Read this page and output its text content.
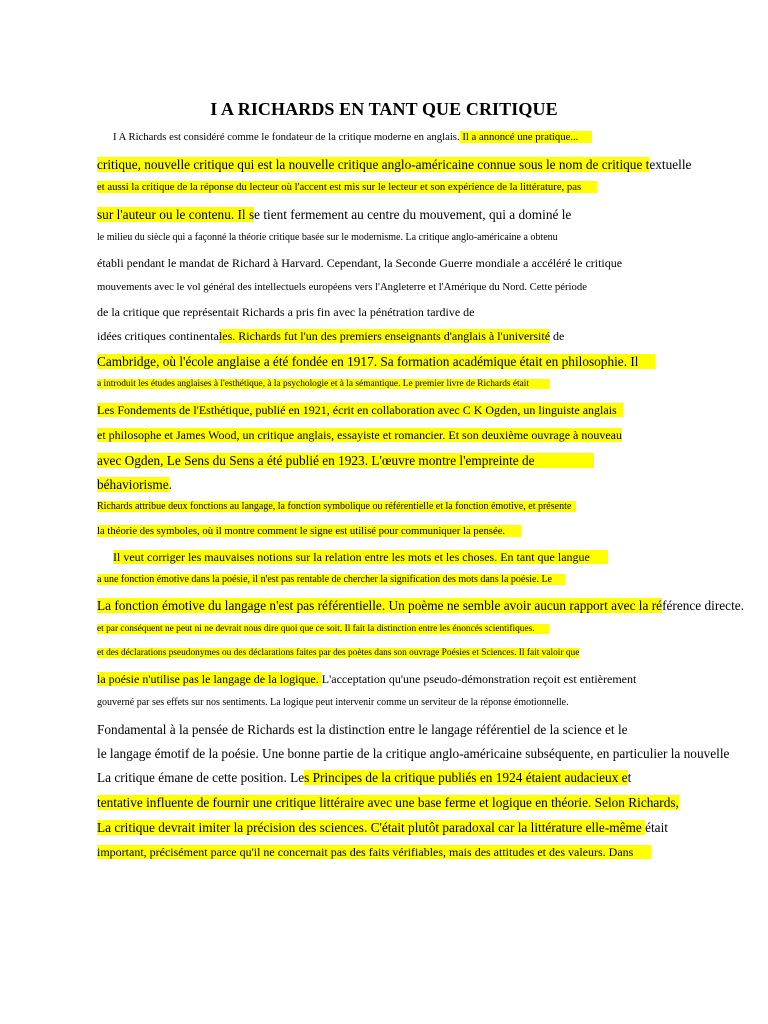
I A RICHARDS EN TANT QUE CRITIQUE
I A Richards est considéré comme le fondateur de la critique moderne en anglais. Il a annoncé une pratique...
critique, nouvelle critique qui est la nouvelle critique anglo-américaine connue sous le nom de critique textuelle
et aussi la critique de la réponse du lecteur où l'accent est mis sur le lecteur et son expérience de la littérature, pas
sur l'auteur ou le contenu. Il se tient fermement au centre du mouvement, qui a dominé le
le milieu du siècle qui a façonné la théorie critique basée sur le modernisme. La critique anglo-américaine a obtenu
établi pendant le mandat de Richard à Harvard. Cependant, la Seconde Guerre mondiale a accéléré le critique
mouvements avec le vol général des intellectuels européens vers l'Angleterre et l'Amérique du Nord. Cette période
de la critique que représentait Richards a pris fin avec la pénétration tardive de
idées critiques continentales. Richards fut l'un des premiers enseignants d'anglais à l'université de
Cambridge, où l'école anglaise a été fondée en 1917. Sa formation académique était en philosophie. Il
a introduit les études anglaises à l'esthétique, à la psychologie et à la sémantique. Le premier livre de Richards était
Les Fondements de l'Esthétique, publié en 1921, écrit en collaboration avec C K Ogden, un linguiste anglais
et philosophe et James Wood, un critique anglais, essayiste et romancier. Et son deuxième ouvrage à nouveau
avec Ogden, Le Sens du Sens a été publié en 1923. L'œuvre montre l'empreinte de
béhaviorisme.
Richards attribue deux fonctions au langage, la fonction symbolique ou référentielle et la fonction émotive, et présente
la théorie des symboles, où il montre comment le signe est utilisé pour communiquer la pensée.
Il veut corriger les mauvaises notions sur la relation entre les mots et les choses. En tant que langue
a une fonction émotive dans la poésie, il n'est pas rentable de chercher la signification des mots dans la poésie. Le
La fonction émotive du langage n'est pas référentielle. Un poème ne semble avoir aucun rapport avec la référence directe.
et par conséquent ne peut ni ne devrait nous dire quoi que ce soit. Il fait la distinction entre les énoncés scientifiques.
et des déclarations pseudonymes ou des déclarations faites par des poètes dans son ouvrage Poésies et Sciences. Il fait valoir que
la poésie n'utilise pas le langage de la logique. L'acceptation qu'une pseudo-démonstration reçoit est entièrement
gouverné par ses effets sur nos sentiments. La logique peut intervenir comme un serviteur de la réponse émotionnelle.
Fondamental à la pensée de Richards est la distinction entre le langage référentiel de la science et le
le langage émotif de la poésie. Une bonne partie de la critique anglo-américaine subséquente, en particulier la nouvelle
La critique émane de cette position. Les Principes de la critique publiés en 1924 étaient audacieux et
tentative influente de fournir une critique littéraire avec une base ferme et logique en théorie. Selon Richards,
La critique devrait imiter la précision des sciences. C'était plutôt paradoxal car la littérature elle-même était
important, précisément parce qu'il ne concernait pas des faits vérifiables, mais des attitudes et des valeurs. Dans
